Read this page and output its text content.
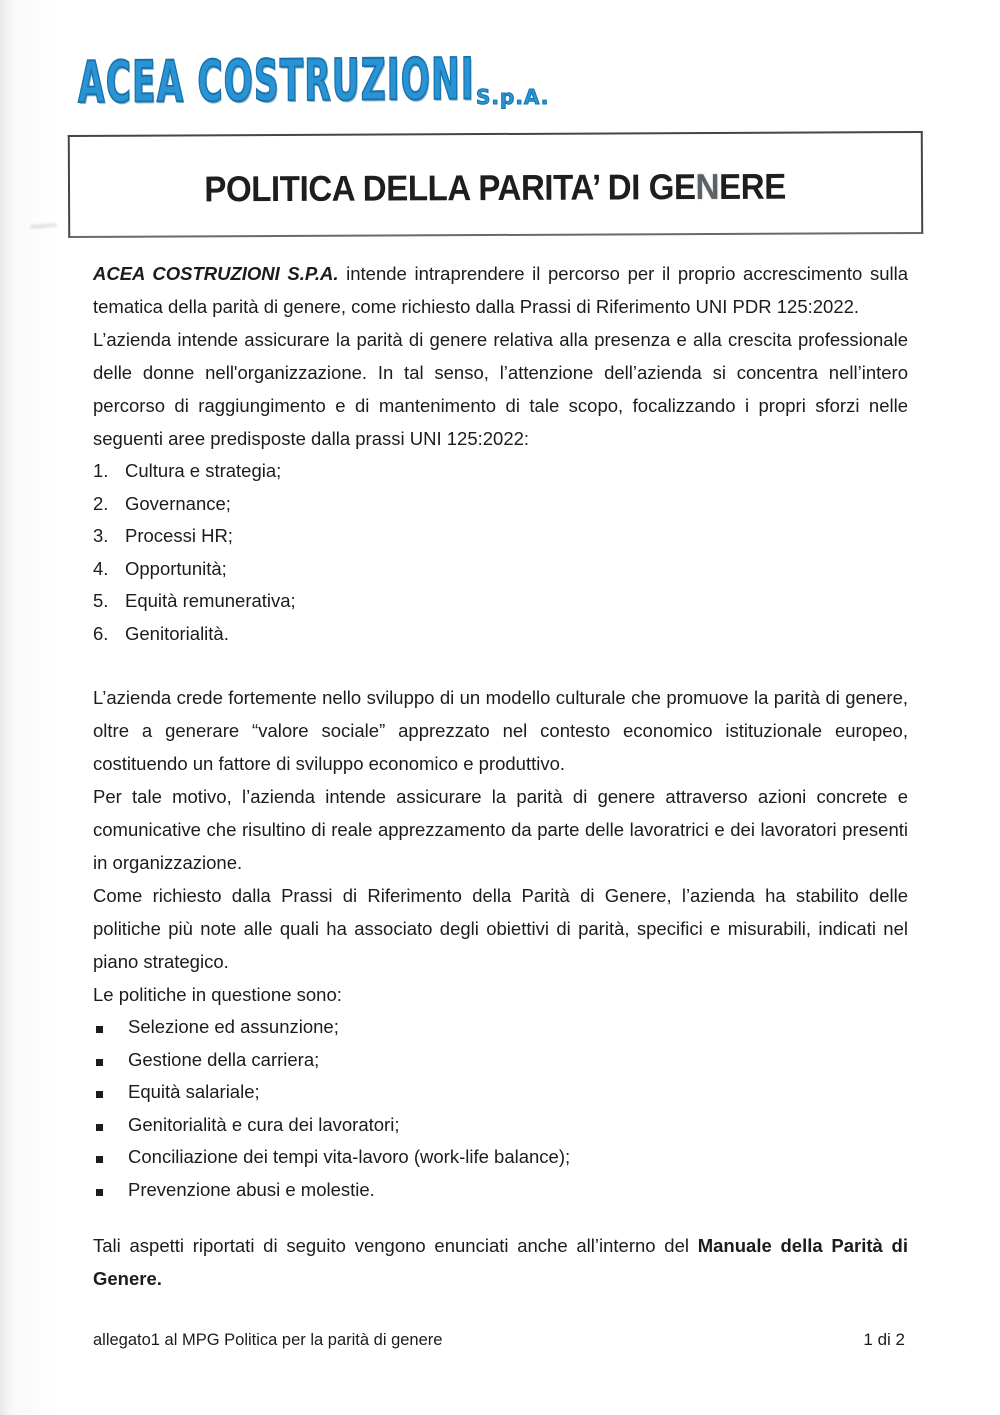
ACEA COSTRUZIONI S.p.A.
POLITICA DELLA PARITA’ DI GENERE

ACEA COSTRUZIONI S.P.A. intende intraprendere il percorso per il proprio accrescimento sulla tematica della parità di genere, come richiesto dalla Prassi di Riferimento UNI PDR 125:2022.

L’azienda intende assicurare la parità di genere relativa alla presenza e alla crescita professionale delle donne nell'organizzazione. In tal senso, l’attenzione dell’azienda si concentra nell’intero percorso di raggiungimento e di mantenimento di tale scopo, focalizzando i propri sforzi nelle seguenti aree predisposte dalla prassi UNI 125:2022:

1. Cultura e strategia;
2. Governance;
3. Processi HR;
4. Opportunità;
5. Equità remunerativa;
6. Genitorialità.

L’azienda crede fortemente nello sviluppo di un modello culturale che promuove la parità di genere, oltre a generare “valore sociale” apprezzato nel contesto economico istituzionale europeo, costituendo un fattore di sviluppo economico e produttivo.

Per tale motivo, l’azienda intende assicurare la parità di genere attraverso azioni concrete e comunicative che risultino di reale apprezzamento da parte delle lavoratrici e dei lavoratori presenti in organizzazione.

Come richiesto dalla Prassi di Riferimento della Parità di Genere, l’azienda ha stabilito delle politiche più note alle quali ha associato degli obiettivi di parità, specifici e misurabili, indicati nel piano strategico.

Le politiche in questione sono:

Selezione ed assunzione;
Gestione della carriera;
Equità salariale;
Genitorialità e cura dei lavoratori;
Conciliazione dei tempi vita-lavoro (work-life balance);
Prevenzione abusi e molestie.

Tali aspetti riportati di seguito vengono enunciati anche all’interno del Manuale della Parità di Genere.

allegato1 al MPG Politica per la parità di genere	1 di 2
